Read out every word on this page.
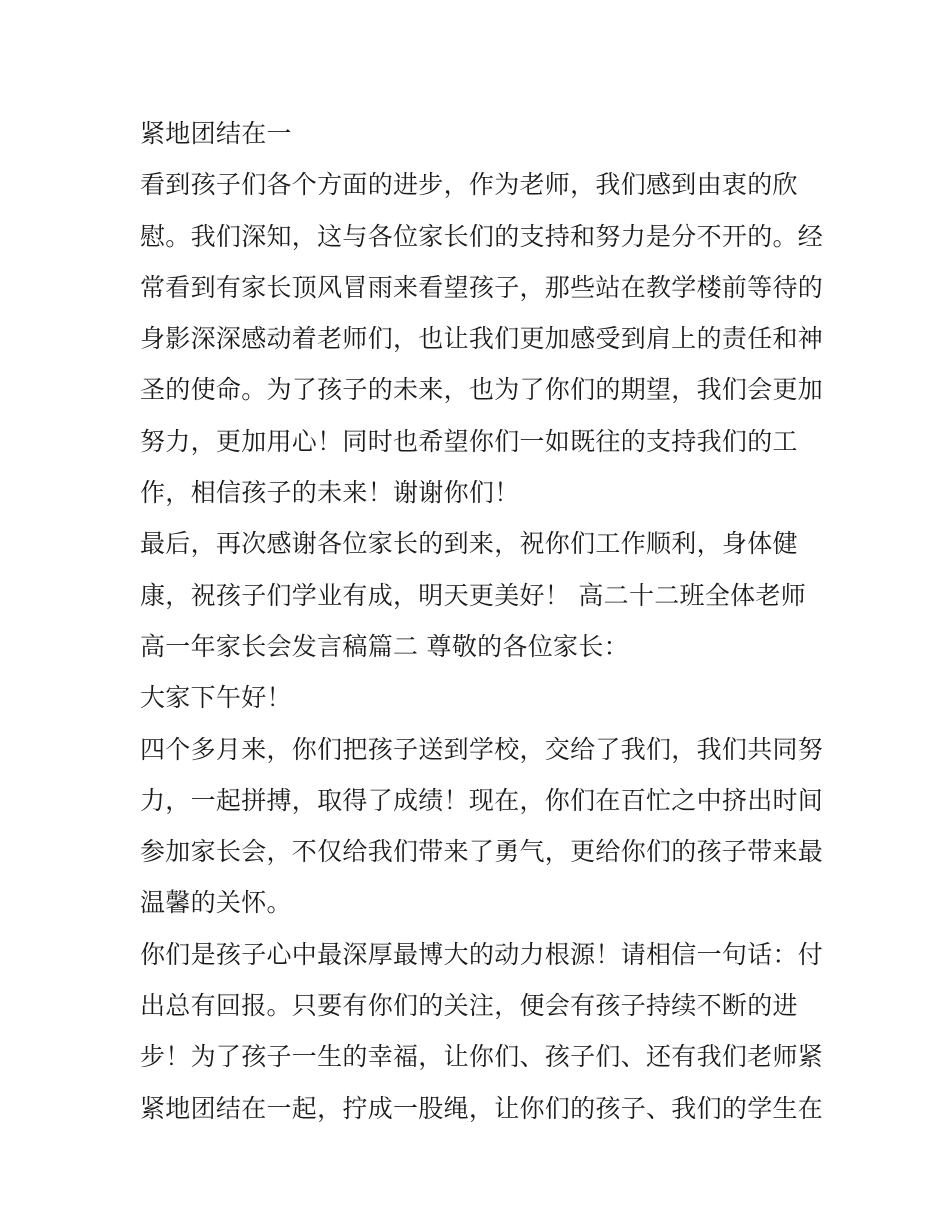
紧地团结在一
看到孩子们各个方面的进步，作为老师，我们感到由衷的欣
慰。我们深知，这与各位家长们的支持和努力是分不开的。经
常看到有家长顶风冒雨来看望孩子，那些站在教学楼前等待的
身影深深感动着老师们，也让我们更加感受到肩上的责任和神
圣的使命。为了孩子的未来，也为了你们的期望，我们会更加
努力，更加用心！同时也希望你们一如既往的支持我们的工
作，相信孩子的未来！谢谢你们！
最后，再次感谢各位家长的到来，祝你们工作顺利，身体健
康，祝孩子们学业有成，明天更美好！ 高二十二班全体老师
高一年家长会发言稿篇二 尊敬的各位家长：
大家下午好！
四个多月来，你们把孩子送到学校，交给了我们，我们共同努
力，一起拼搏，取得了成绩！现在，你们在百忙之中挤出时间
参加家长会，不仅给我们带来了勇气，更给你们的孩子带来最
温馨的关怀。
你们是孩子心中最深厚最博大的动力根源！请相信一句话：付
出总有回报。只要有你们的关注，便会有孩子持续不断的进
步！为了孩子一生的幸福，让你们、孩子们、还有我们老师紧
紧地团结在一起，拧成一股绳，让你们的孩子、我们的学生在
